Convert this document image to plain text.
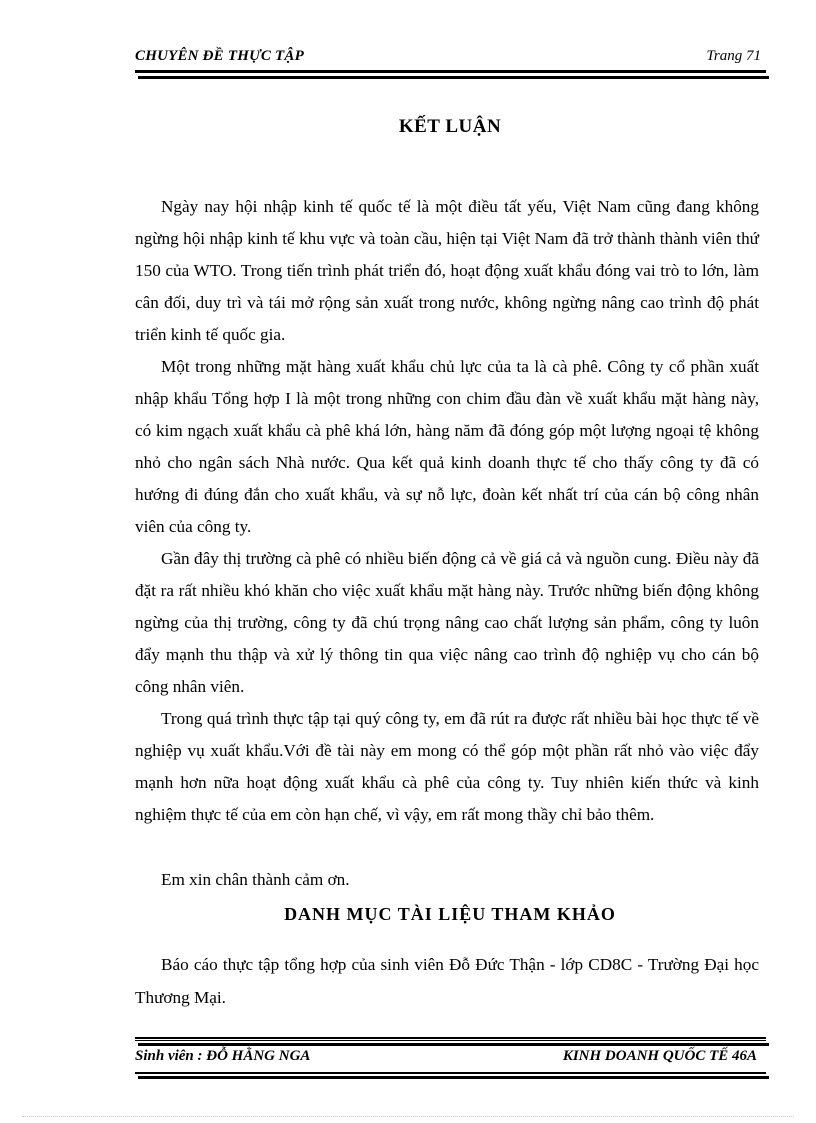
CHUYÊN ĐỀ THỰC TẬP	Trang 71
KẾT LUẬN

Ngày nay hội nhập kinh tế quốc tế là một điều tất yếu, Việt Nam cũng đang không ngừng hội nhập kinh tế khu vực và toàn cầu, hiện tại Việt Nam đã trở thành thành viên thứ 150 của WTO. Trong tiến trình phát triển đó, hoạt động xuất khẩu đóng vai trò to lớn, làm cân đối, duy trì và tái mở rộng sản xuất trong nước, không ngừng nâng cao trình độ phát triển kinh tế quốc gia.

Một trong những mặt hàng xuất khẩu chủ lực của ta là cà phê. Công ty cổ phần xuất nhập khẩu Tổng hợp I là một trong những con chim đầu đàn về xuất khẩu mặt hàng này, có kim ngạch xuất khẩu cà phê khá lớn, hàng năm đã đóng góp một lượng ngoại tệ không nhỏ cho ngân sách Nhà nước. Qua kết quả kinh doanh thực tế cho thấy công ty đã có hướng đi đúng đắn cho xuất khẩu, và sự nỗ lực, đoàn kết nhất trí của cán bộ công nhân viên của công ty.

Gần đây thị trường cà phê có nhiều biến động cả về giá cả và nguồn cung. Điều này đã đặt ra rất nhiều khó khăn cho việc xuất khẩu mặt hàng này. Trước những biến động không ngừng của thị trường, công ty đã chú trọng nâng cao chất lượng sản phẩm, công ty luôn đẩy mạnh thu thập và xử lý thông tin qua việc nâng cao trình độ nghiệp vụ cho cán bộ công nhân viên.

Trong quá trình thực tập tại quý công ty, em đã rút ra được rất nhiều bài học thực tế về nghiệp vụ xuất khẩu.Với đề tài này em mong có thể góp một phần rất nhỏ vào việc đẩy mạnh hơn nữa hoạt động xuất khẩu cà phê của công ty. Tuy nhiên kiến thức và kinh nghiệm thực tế của em còn hạn chế, vì vậy, em rất mong thầy chỉ bảo thêm.

Em xin chân thành cảm ơn.
DANH MỤC TÀI LIỆU THAM KHẢO

Báo cáo thực tập tổng hợp của sinh viên Đỗ Đức Thận - lớp CD8C - Trường Đại học Thương Mại.

Sinh viên : ĐỖ HẰNG NGA	KINH DOANH QUỐC TẾ 46A
